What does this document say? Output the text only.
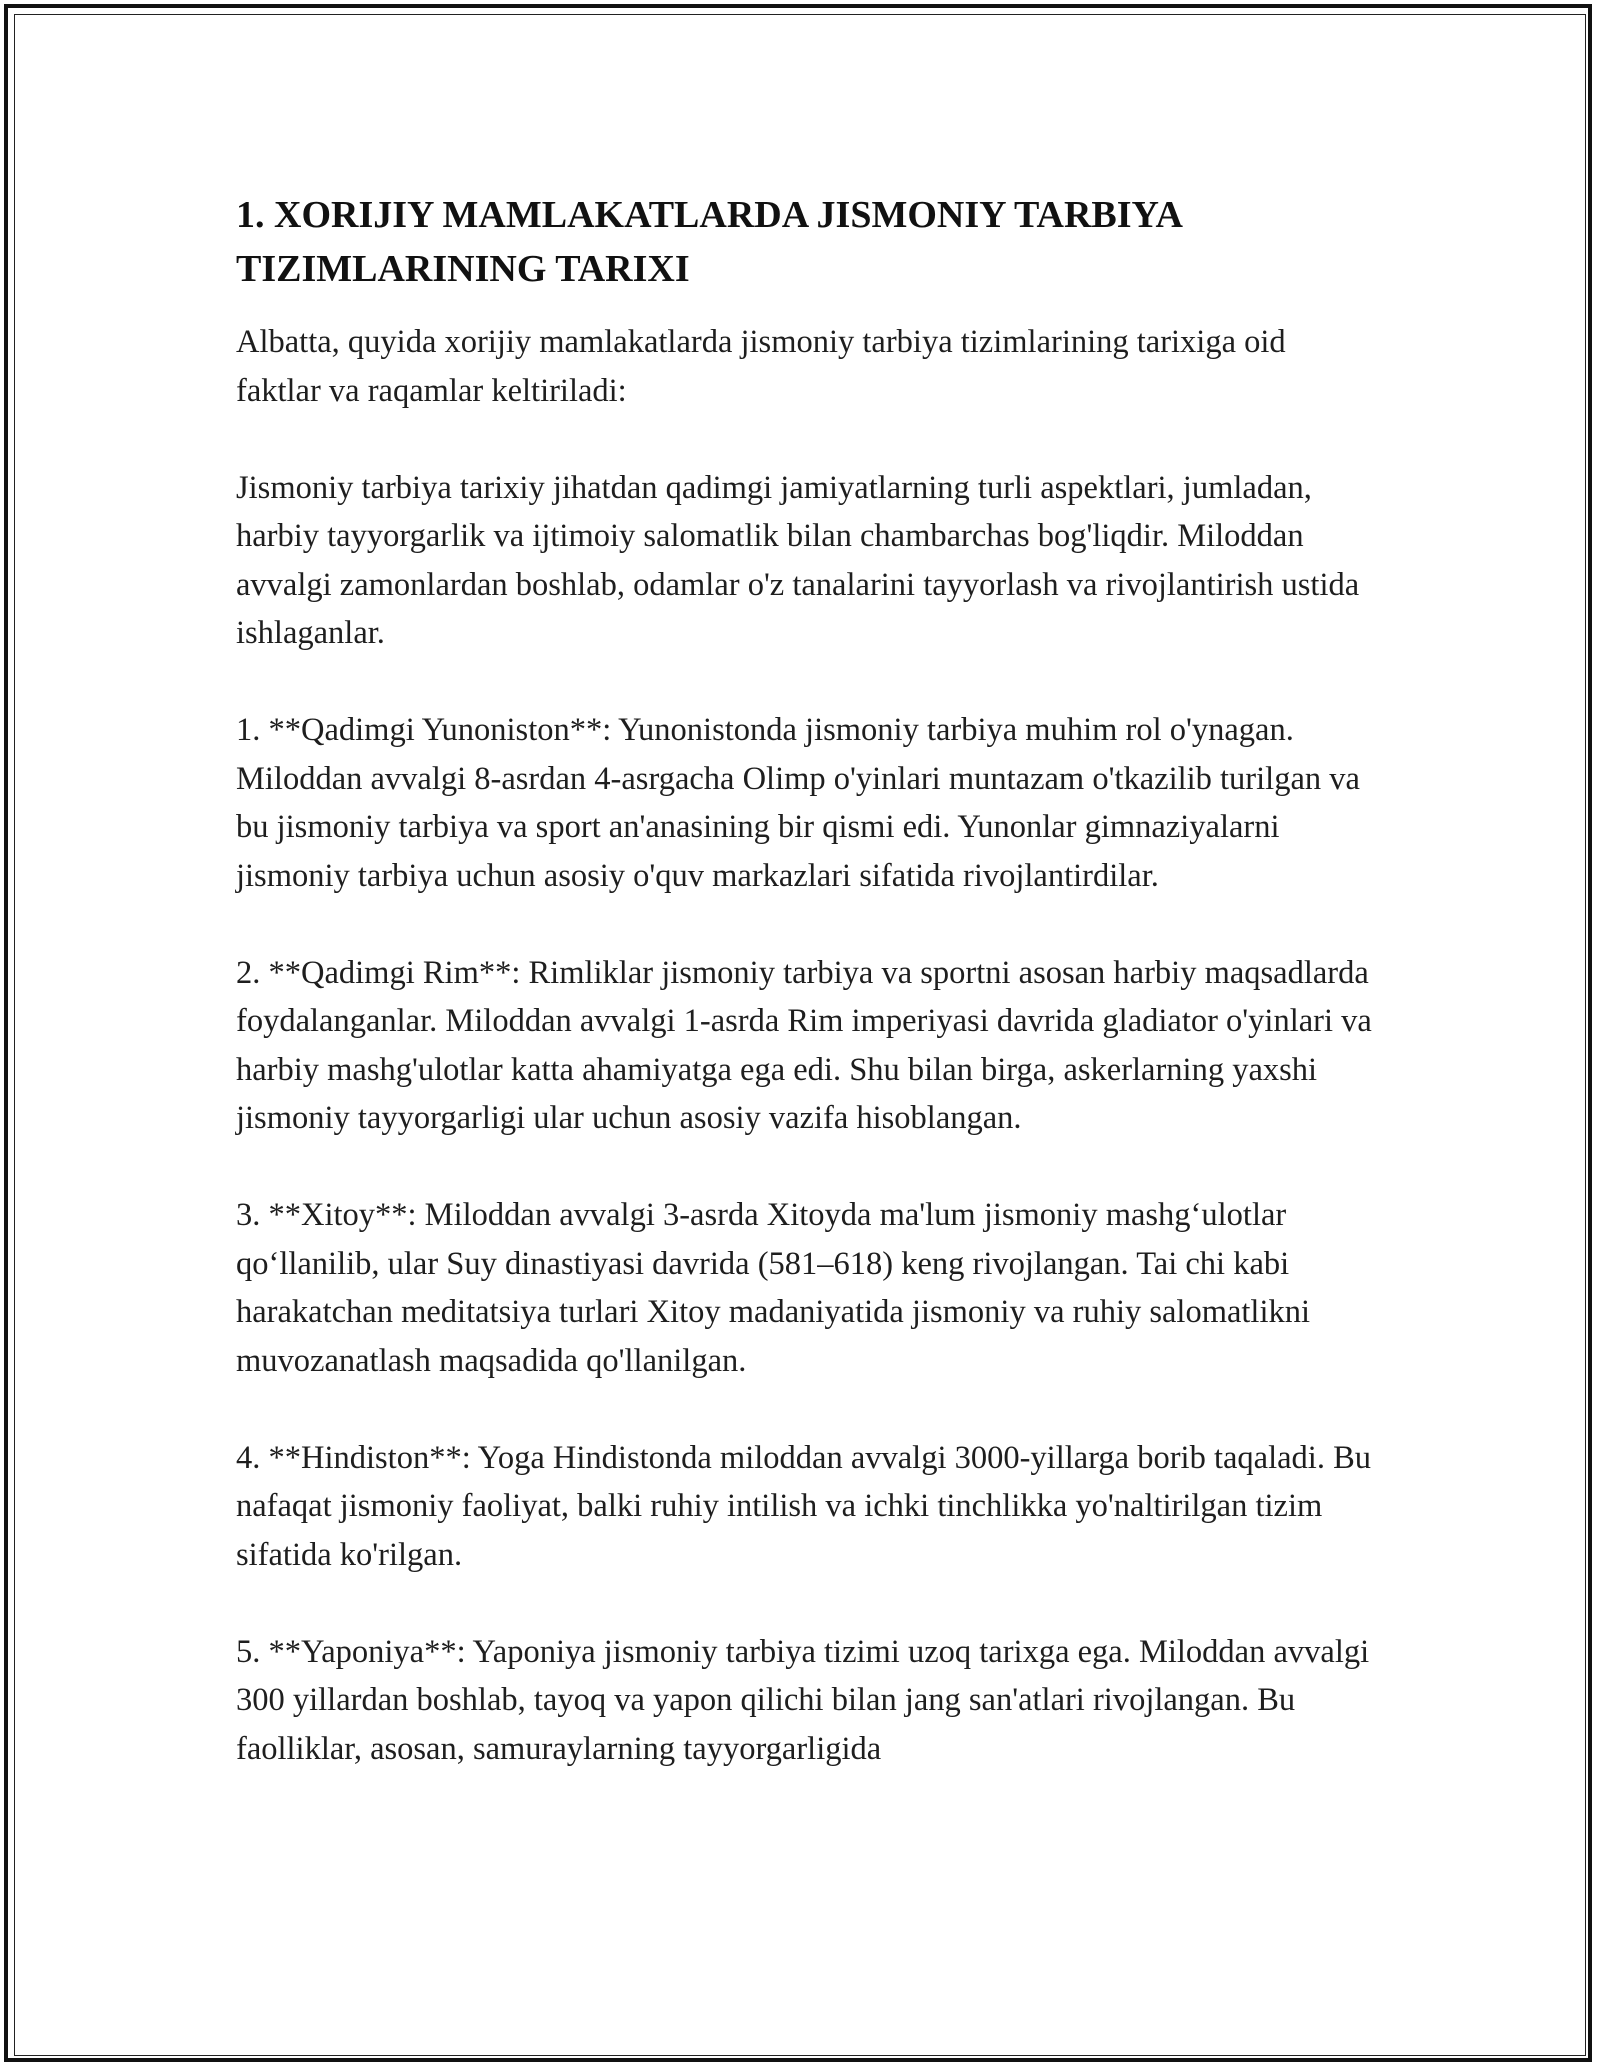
1. XORIJIY MAMLAKATLARDA JISMONIY TARBIYA TIZIMLARINING TARIXI

Albatta, quyida xorijiy mamlakatlarda jismoniy tarbiya tizimlarining tarixiga oid faktlar va raqamlar keltiriladi:

Jismoniy tarbiya tarixiy jihatdan qadimgi jamiyatlarning turli aspektlari, jumladan, harbiy tayyorgarlik va ijtimoiy salomatlik bilan chambarchas bog'liqdir. Miloddan avvalgi zamonlardan boshlab, odamlar o'z tanalarini tayyorlash va rivojlantirish ustida ishlaganlar.

1. **Qadimgi Yunoniston**: Yunonistonda jismoniy tarbiya muhim rol o'ynagan. Miloddan avvalgi 8-asrdan 4-asrgacha Olimp o'yinlari muntazam o'tkazilib turilgan va bu jismoniy tarbiya va sport an'anasining bir qismi edi. Yunonlar gimnaziyalarni jismoniy tarbiya uchun asosiy o'quv markazlari sifatida rivojlantirdilar.

2. **Qadimgi Rim**: Rimliklar jismoniy tarbiya va sportni asosan harbiy maqsadlarda foydalanganlar. Miloddan avvalgi 1-asrda Rim imperiyasi davrida gladiator o'yinlari va harbiy mashg'ulotlar katta ahamiyatga ega edi. Shu bilan birga, askerlarning yaxshi jismoniy tayyorgarligi ular uchun asosiy vazifa hisoblangan.

3. **Xitoy**: Miloddan avvalgi 3-asrda Xitoyda ma'lum jismoniy mashg‘ulotlar qo‘llanilib, ular Suy dinastiyasi davrida (581–618) keng rivojlangan. Tai chi kabi harakatchan meditatsiya turlari Xitoy madaniyatida jismoniy va ruhiy salomatlikni muvozanatlash maqsadida qo'llanilgan.

4. **Hindiston**: Yoga Hindistonda miloddan avvalgi 3000-yillarga borib taqaladi. Bu nafaqat jismoniy faoliyat, balki ruhiy intilish va ichki tinchlikka yo'naltirilgan tizim sifatida ko'rilgan.

5. **Yaponiya**: Yaponiya jismoniy tarbiya tizimi uzoq tarixga ega. Miloddan avvalgi 300 yillardan boshlab, tayoq va yapon qilichi bilan jang san'atlari rivojlangan. Bu faolliklar, asosan, samuraylarning tayyorgarligida
